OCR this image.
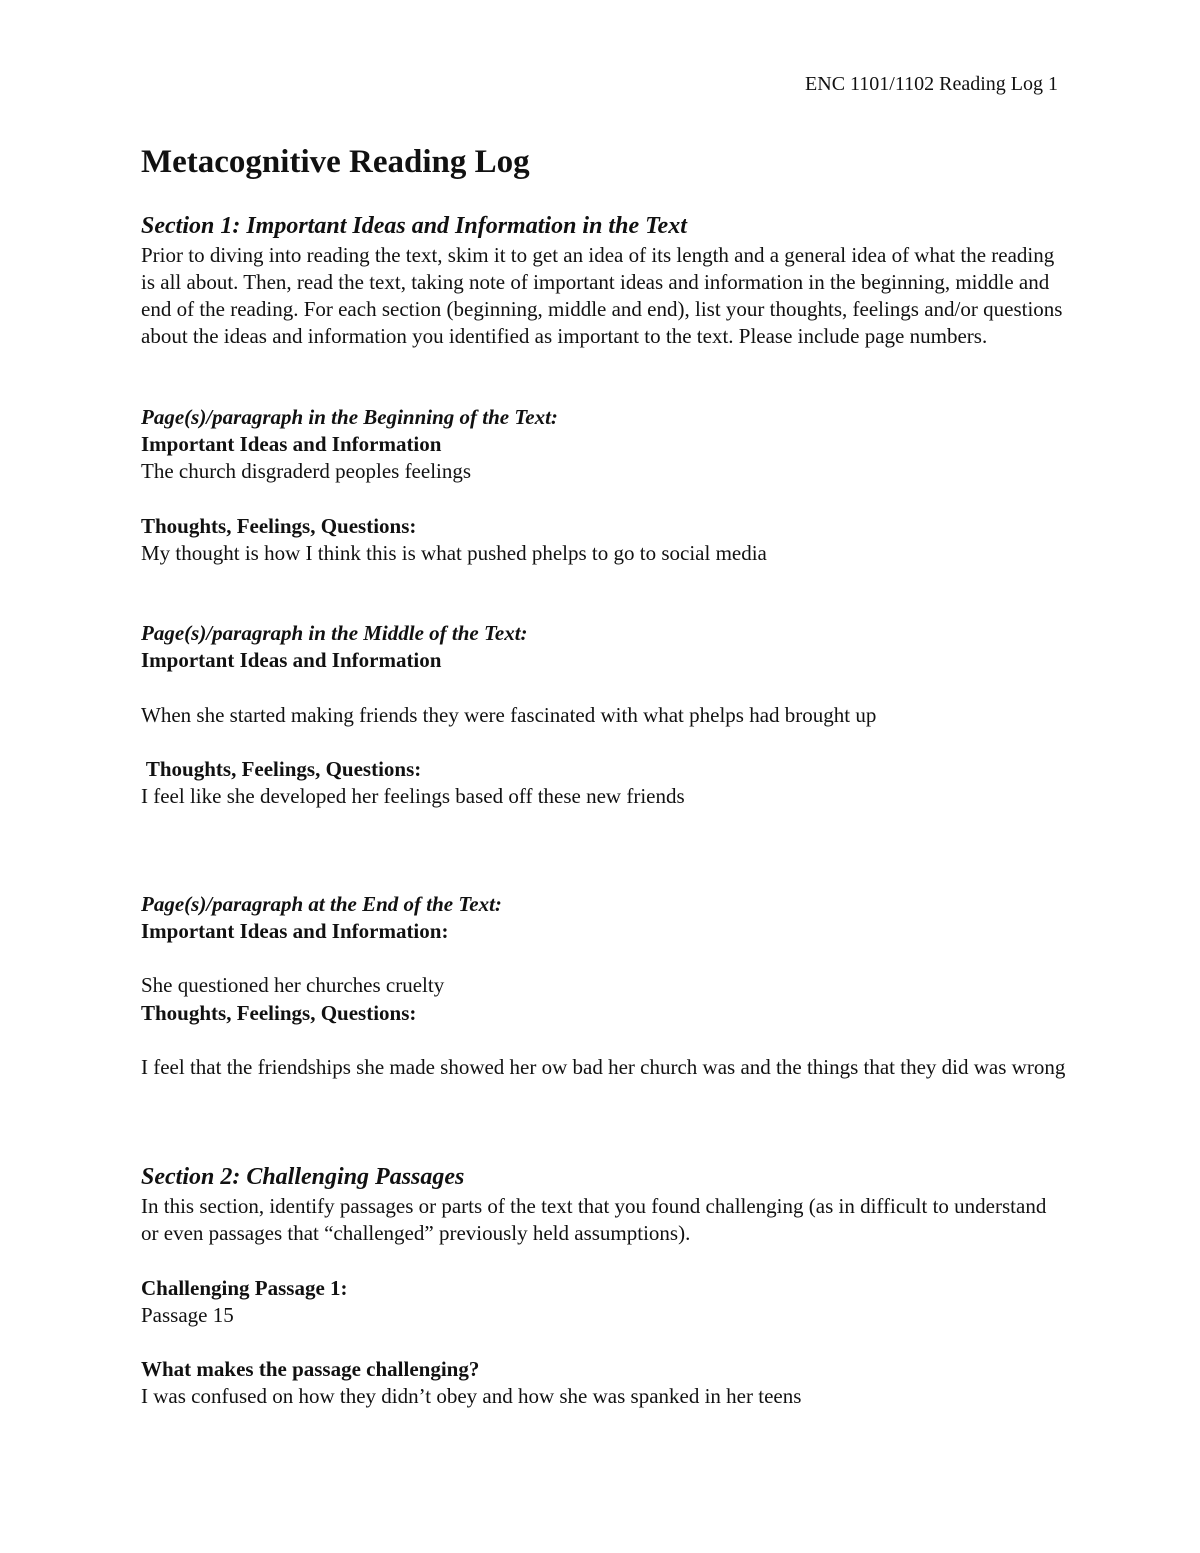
ENC 1101/1102 Reading Log 1
Metacognitive Reading Log
Section 1: Important Ideas and Information in the Text

Prior to diving into reading the text, skim it to get an idea of its length and a general idea of what the reading is all about. Then, read the text, taking note of important ideas and information in the beginning, middle and end of the reading. For each section (beginning, middle and end), list your thoughts, feelings and/or questions about the ideas and information you identified as important to the text. Please include page numbers.

Page(s)/paragraph in the Beginning of the Text:
Important Ideas and Information
The church disgraderd peoples feelings
Thoughts, Feelings, Questions:
My thought is how I think this is what pushed phelps to go to social media
Page(s)/paragraph in the Middle of the Text:
Important Ideas and Information
When she started making friends they were fascinated with what phelps had brought up
Thoughts, Feelings, Questions:
I feel like she developed her feelings based off these new friends
Page(s)/paragraph at the End of the Text:
Important Ideas and Information:
She questioned her churches cruelty
Thoughts, Feelings, Questions:

I feel that the friendships she made showed her ow bad her church was and the things that they did was wrong

Section 2: Challenging Passages

In this section, identify passages or parts of the text that you found challenging (as in difficult to understand or even passages that “challenged” previously held assumptions).

Challenging Passage 1:
Passage 15
What makes the passage challenging?
I was confused on how they didn’t obey and how she was spanked in her teens
